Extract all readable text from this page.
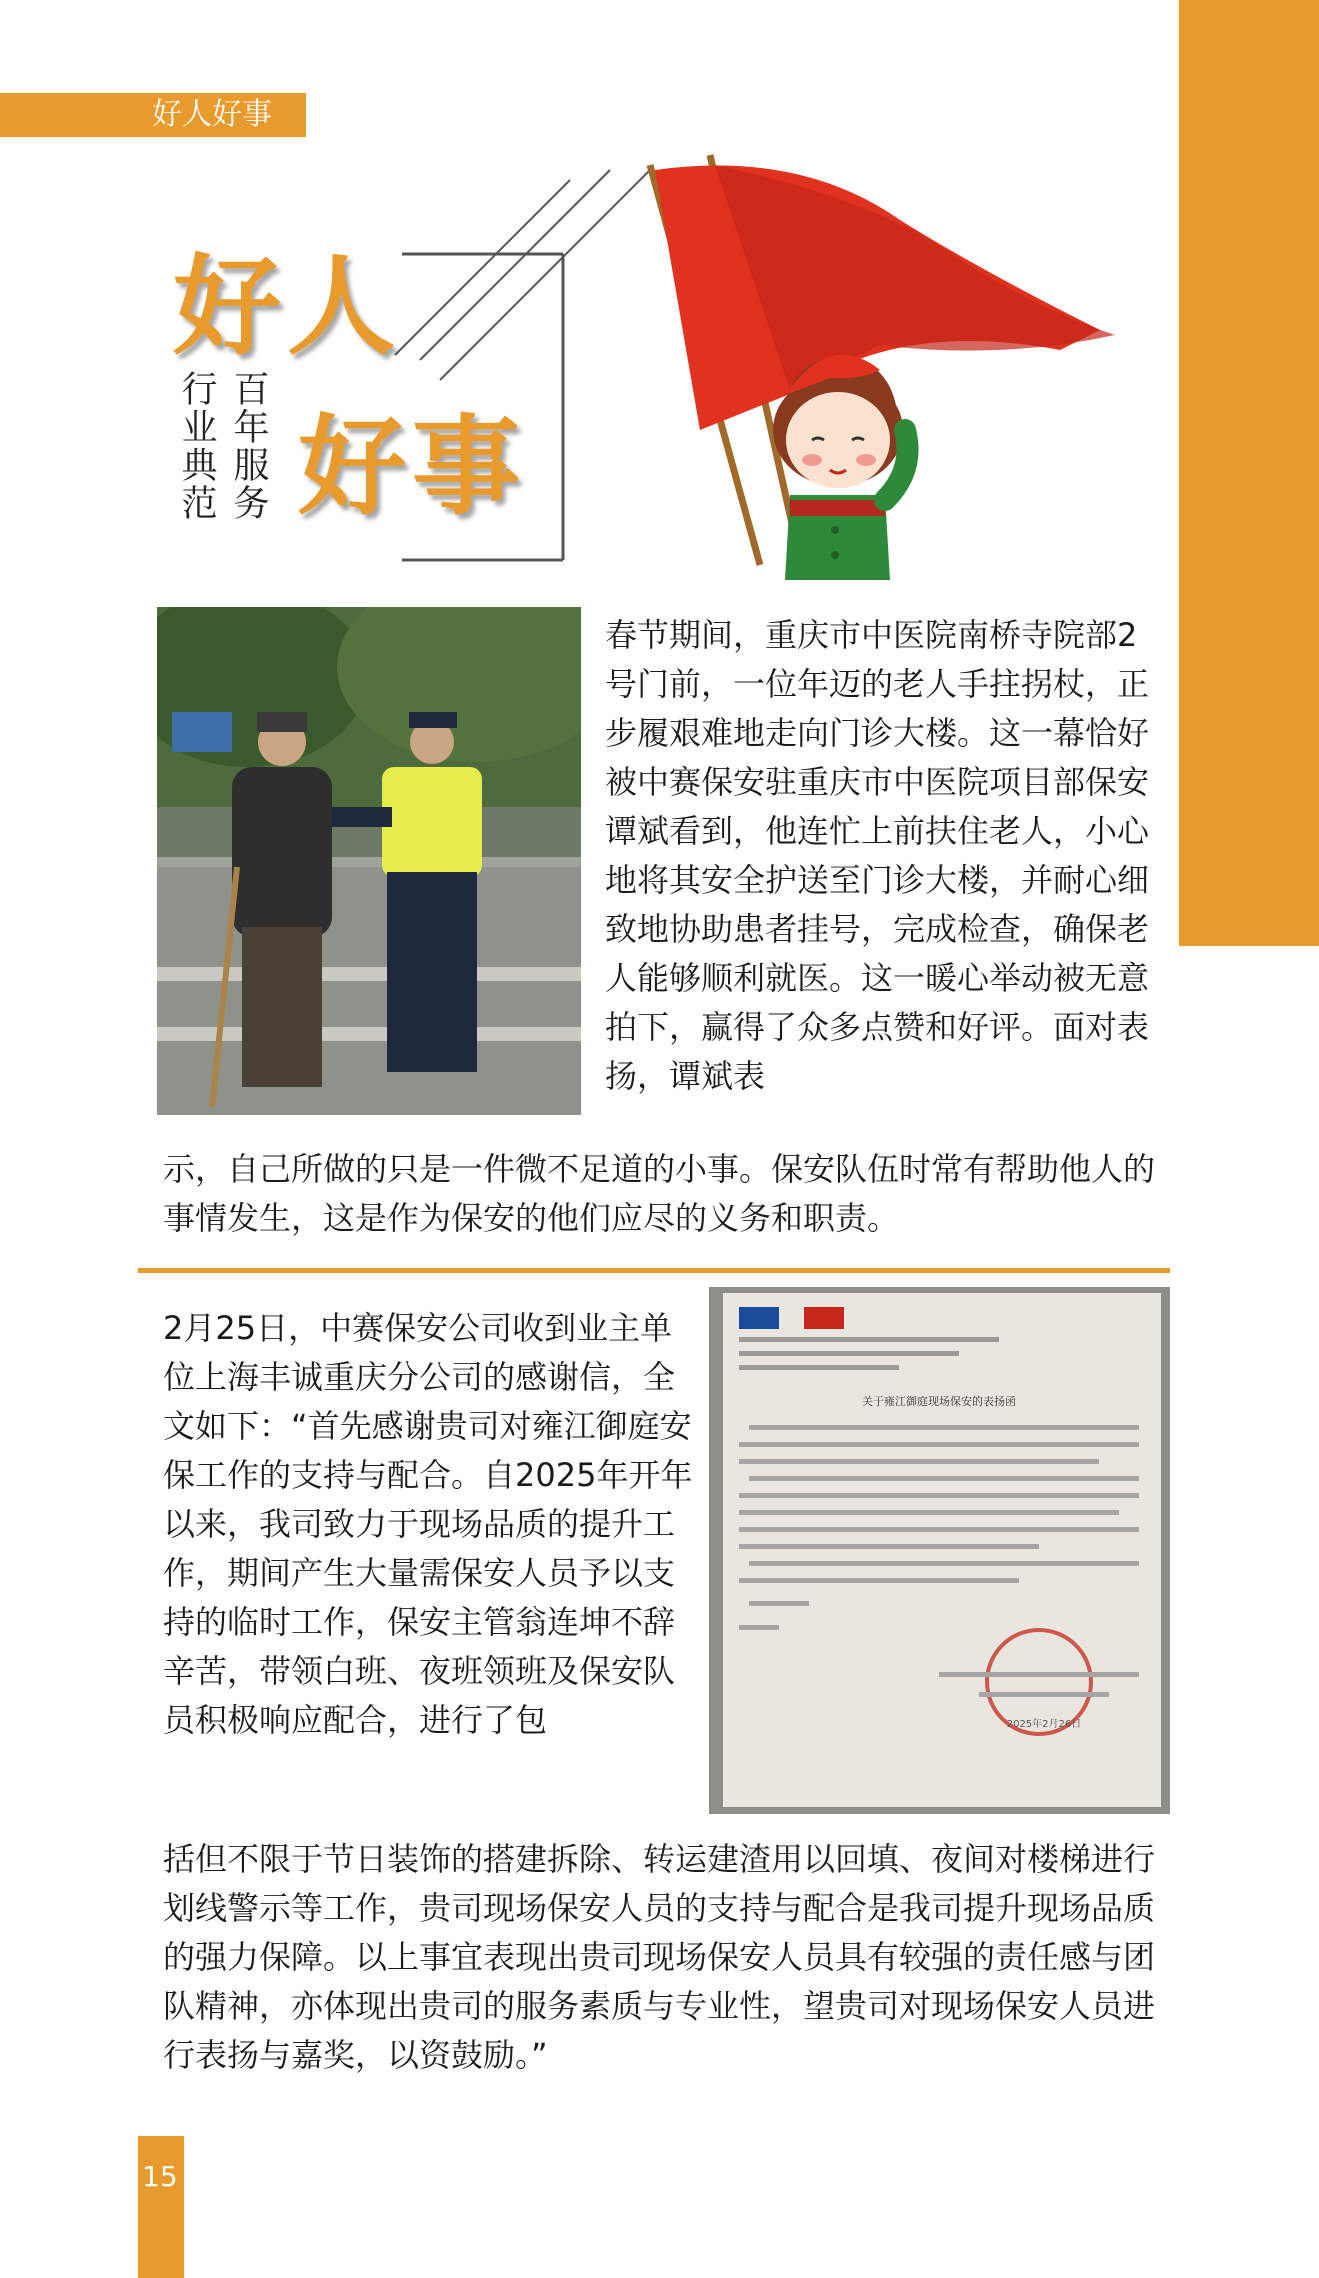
好人好事
好人
好事
百年服务
行业典范
春节期间，重庆市中医院南桥寺院部2号门前，一位年迈的老人手拄拐杖，正步履艰难地走向门诊大楼。这一幕恰好被中赛保安驻重庆市中医院项目部保安谭斌看到，他连忙上前扶住老人，小心地将其安全护送至门诊大楼，并耐心细致地协助患者挂号，完成检查，确保老人能够顺利就医。这一暖心举动被无意拍下，赢得了众多点赞和好评。面对表扬，谭斌表
示，自己所做的只是一件微不足道的小事。保安队伍时常有帮助他人的事情发生，这是作为保安的他们应尽的义务和职责。
关于雍江御庭现场保安的表扬函
2025年2月26日
2月25日，中赛保安公司收到业主单位上海丰诚重庆分公司的感谢信，全文如下：“首先感谢贵司对雍江御庭安保工作的支持与配合。自2025年开年以来，我司致力于现场品质的提升工作，期间产生大量需保安人员予以支持的临时工作，保安主管翁连坤不辞辛苦，带领白班、夜班领班及保安队员积极响应配合，进行了包
括但不限于节日装饰的搭建拆除、转运建渣用以回填、夜间对楼梯进行划线警示等工作，贵司现场保安人员的支持与配合是我司提升现场品质的强力保障。以上事宜表现出贵司现场保安人员具有较强的责任感与团队精神，亦体现出贵司的服务素质与专业性，望贵司对现场保安人员进行表扬与嘉奖，以资鼓励。”
15
